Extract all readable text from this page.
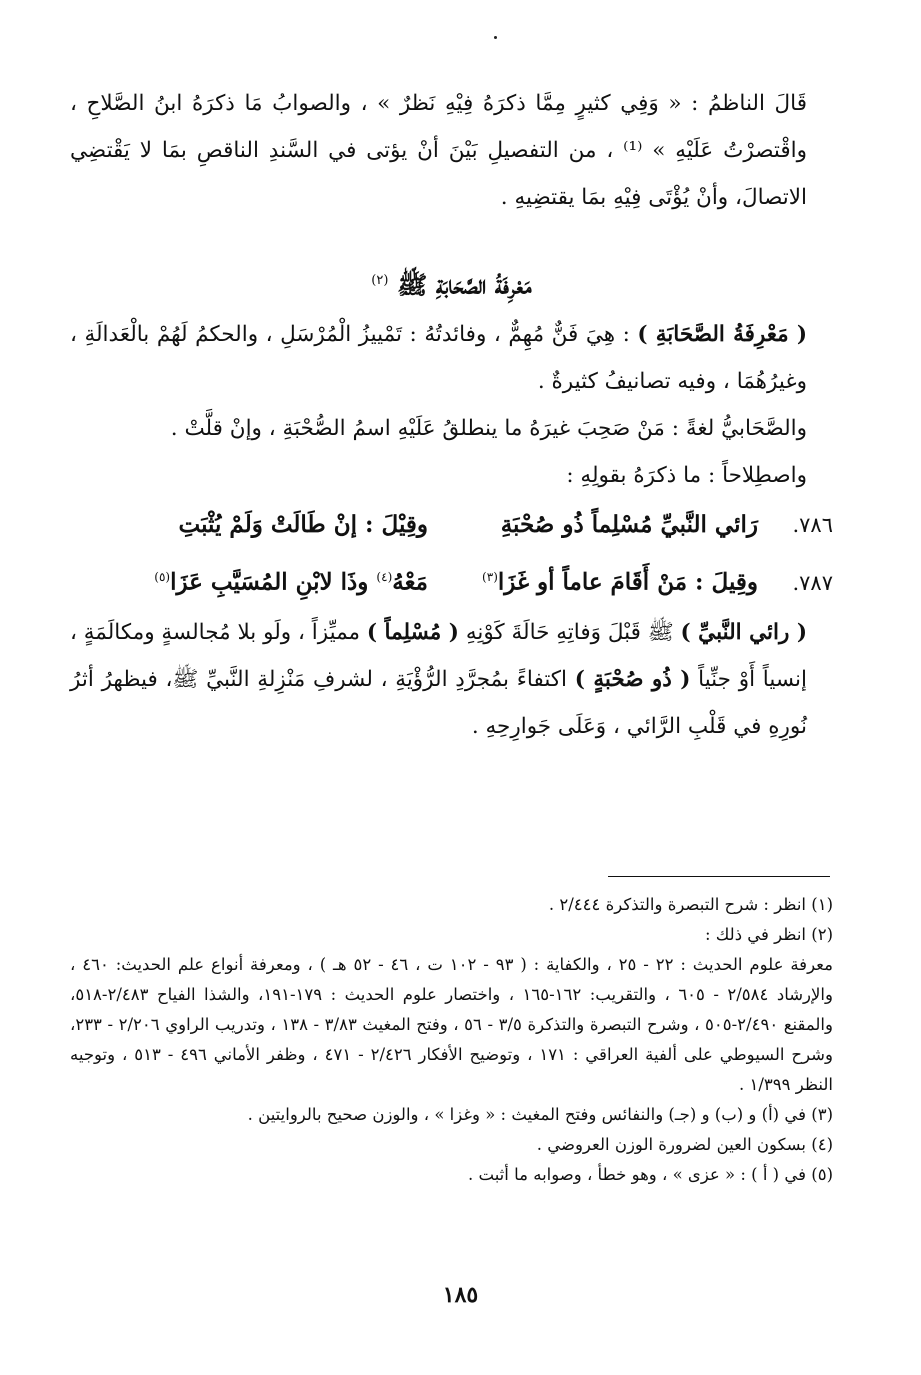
قَالَ الناظمُ : « وَفِي كثيرٍ مِمَّا ذكرَهُ فِيْهِ نَظرٌ » ، والصوابُ مَا ذكرَهُ ابنُ الصَّلاحِ ، واقْتصرْتُ عَلَيْهِ » ⁽¹⁾ ، من التفصيلِ بَيْنَ أنْ يؤتى في السَّندِ الناقصِ بمَا لا يَقْتضِي الاتصالَ، وأنْ يُؤْتَى فِيْهِ بمَا يقتضِيهِ .

مَعْرِفَةُ الصَّحَابَةِ ﷺ $^{(٢)}$

( مَعْرِفَةُ الصَّحَابَةِ ) : هِيَ فَنٌّ مُهِمٌّ ، وفائدتُهُ : تَمْييزُ الْمُرْسَلِ ، والحكمُ لَهُمْ بالْعَدالَةِ ، وغيرُهُمَا ، وفيه تصانيفُ كثيرةٌ .

والصَّحَابيُّ لغةً : مَنْ صَحِبَ غيرَهُ ما ينطلقُ عَلَيْهِ اسمُ الصُّحْبَةِ ، وإنْ قلَّتْ .

واصطِلاحاً : ما ذكرَهُ بقولِهِ :

٧٨٦.
رَائي النَّبيِّ مُسْلِماً ذُو صُحْبَةِ
وقِيْلَ : إنْ طَالَتْ وَلَمْ يُثْبَتِ
٧٨٧.
وقِيلَ : مَنْ أَقَامَ عاماً أو غَزَا$^{(٣)}$
مَعْهُ$^{(٤)}$ وذَا لابْنِ المُسَيَّبِ عَزَا$^{(٥)}$

( رائي النَّبيِّ ) ﷺ قَبْلَ وَفاتِهِ حَالَةَ كَوْنِهِ ( مُسْلِماً ) مميِّزاً ، ولَو بلا مُجالسةٍ ومكالَمَةٍ ، إنسياً أَوْ جنِّياً ( ذُو صُحْبَةٍ ) اكتفاءً بمُجرَّدِ الرُّؤْيَةِ ، لشرفِ مَنْزِلةِ النَّبيِّ ﷺ، فيظهرُ أثرُ نُورِهِ في قَلْبِ الرَّائي ، وَعَلَى جَوارِحِهِ .

(١) انظر : شرح التبصرة والتذكرة ٢/٤٤٤ .

(٢) انظر في ذلك :

معرفة علوم الحديث : ٢٢ - ٢٥ ، والكفاية : ( ٩٣ - ١٠٢ ت ، ٤٦ - ٥٢ هـ ) ، ومعرفة أنواع علم الحديث: ٤٦٠ ، والإرشاد ٢/٥٨٤ - ٦٠٥ ، والتقريب: ١٦٢-١٦٥ ، واختصار علوم الحديث : ١٧٩-١٩١، والشذا الفياح ٢/٤٨٣-٥١٨، والمقنع ٢/٤٩٠-٥٠٥ ، وشرح التبصرة والتذكرة ٣/٥ - ٥٦ ، وفتح المغيث ٣/٨٣ - ١٣٨ ، وتدريب الراوي ٢/٢٠٦ - ٢٣٣، وشرح السيوطي على ألفية العراقي : ١٧١ ، وتوضيح الأفكار ٢/٤٢٦ - ٤٧١ ، وظفر الأماني ٤٩٦ - ٥١٣ ، وتوجيه النظر ١/٣٩٩ .

(٣) في (أ) و (ب) و (جـ) والنفائس وفتح المغيث : « وغزا » ، والوزن صحيح بالروايتين .

(٤) بسكون العين لضرورة الوزن العروضي .

(٥) في ( أ ) : « عزى » ، وهو خطأ ، وصوابه ما أثبت .

١٨٥
